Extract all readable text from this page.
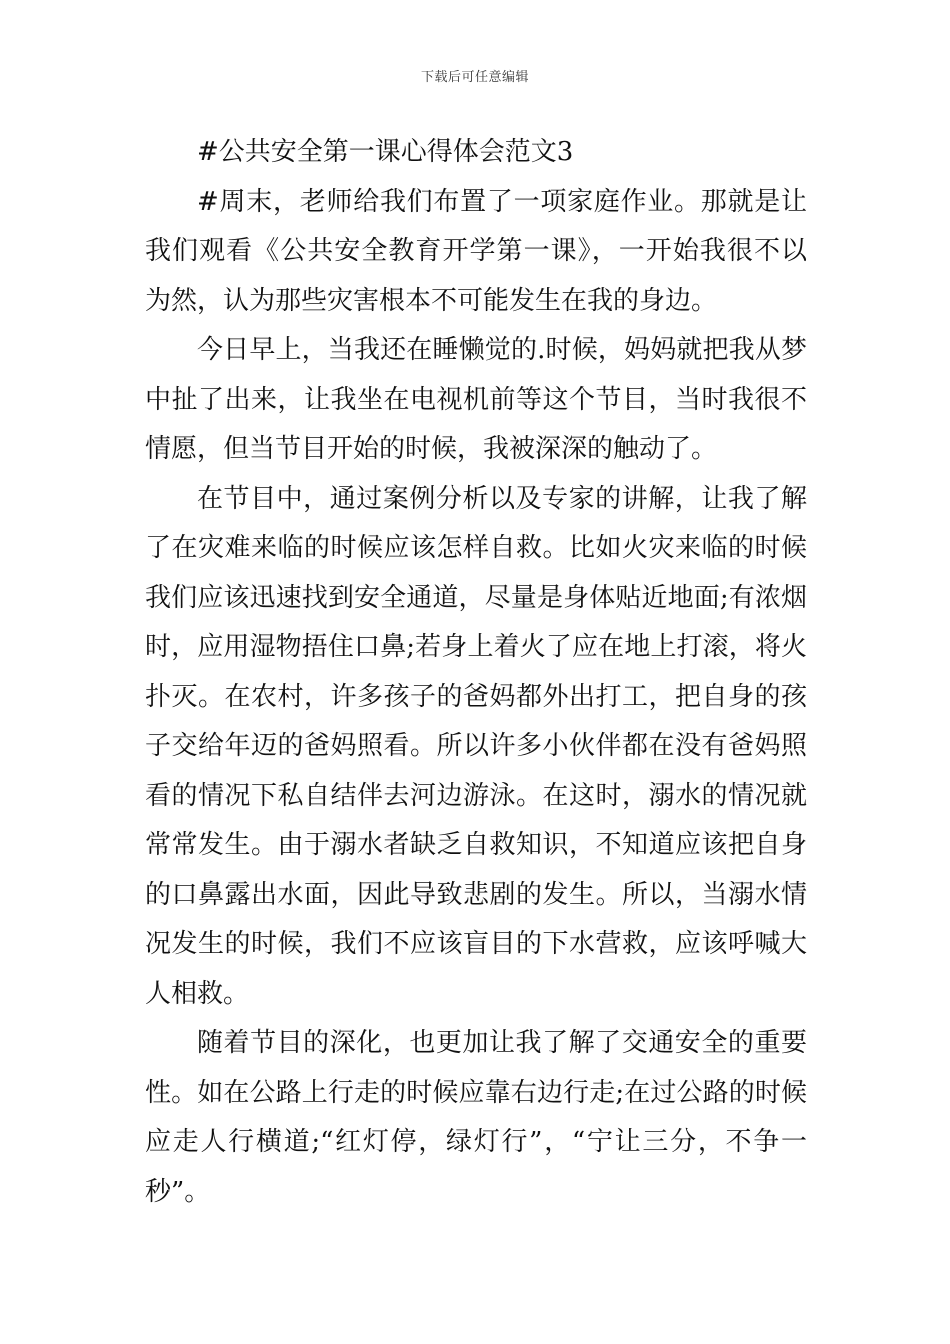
下载后可任意编辑

#公共安全第一课心得体会范文3

#周末，老师给我们布置了一项家庭作业。那就是让我们观看《公共安全教育开学第一课》，一开始我很不以为然，认为那些灾害根本不可能发生在我的身边。

今日早上，当我还在睡懒觉的.时候，妈妈就把我从梦中扯了出来，让我坐在电视机前等这个节目，当时我很不情愿，但当节目开始的时候，我被深深的触动了。

在节目中，通过案例分析以及专家的讲解，让我了解了在灾难来临的时候应该怎样自救。比如火灾来临的时候我们应该迅速找到安全通道，尽量是身体贴近地面;有浓烟时，应用湿物捂住口鼻;若身上着火了应在地上打滚，将火扑灭。在农村，许多孩子的爸妈都外出打工，把自身的孩子交给年迈的爸妈照看。所以许多小伙伴都在没有爸妈照看的情况下私自结伴去河边游泳。在这时，溺水的情况就常常发生。由于溺水者缺乏自救知识，不知道应该把自身的口鼻露出水面，因此导致悲剧的发生。所以，当溺水情况发生的时候，我们不应该盲目的下水营救，应该呼喊大人相救。

随着节目的深化，也更加让我了解了交通安全的重要性。如在公路上行走的时候应靠右边行走;在过公路的时候应走人行横道;“红灯停，绿灯行”，“宁让三分，不争一秒”。
